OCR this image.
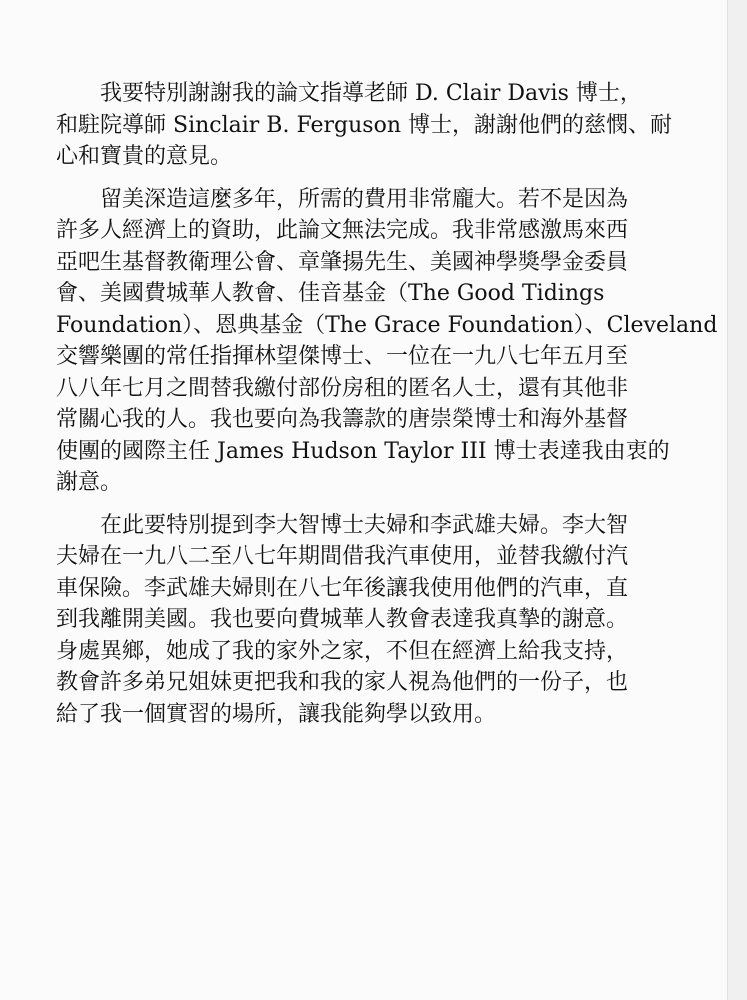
我要特別謝謝我的論文指導老師 D. Clair Davis 博士，
和駐院導師 Sinclair B. Ferguson 博士，謝謝他們的慈憫、耐
心和寶貴的意見。

留美深造這麼多年，所需的費用非常龐大。若不是因為
許多人經濟上的資助，此論文無法完成。我非常感激馬來西
亞吧生基督教衛理公會、章肇揚先生、美國神學獎學金委員
會、美國費城華人教會、佳音基金（The Good Tidings
Foundation）、恩典基金（The Grace Foundation）、Cleveland
交響樂團的常任指揮林望傑博士、一位在一九八七年五月至
八八年七月之間替我繳付部份房租的匿名人士，還有其他非
常關心我的人。我也要向為我籌款的唐崇榮博士和海外基督
使團的國際主任 James Hudson Taylor III 博士表達我由衷的
謝意。

在此要特別提到李大智博士夫婦和李武雄夫婦。李大智
夫婦在一九八二至八七年期間借我汽車使用，並替我繳付汽
車保險。李武雄夫婦則在八七年後讓我使用他們的汽車，直
到我離開美國。我也要向費城華人教會表達我真摯的謝意。
身處異鄉，她成了我的家外之家，不但在經濟上給我支持，
教會許多弟兄姐妹更把我和我的家人視為他們的一份子，也
給了我一個實習的場所，讓我能夠學以致用。
